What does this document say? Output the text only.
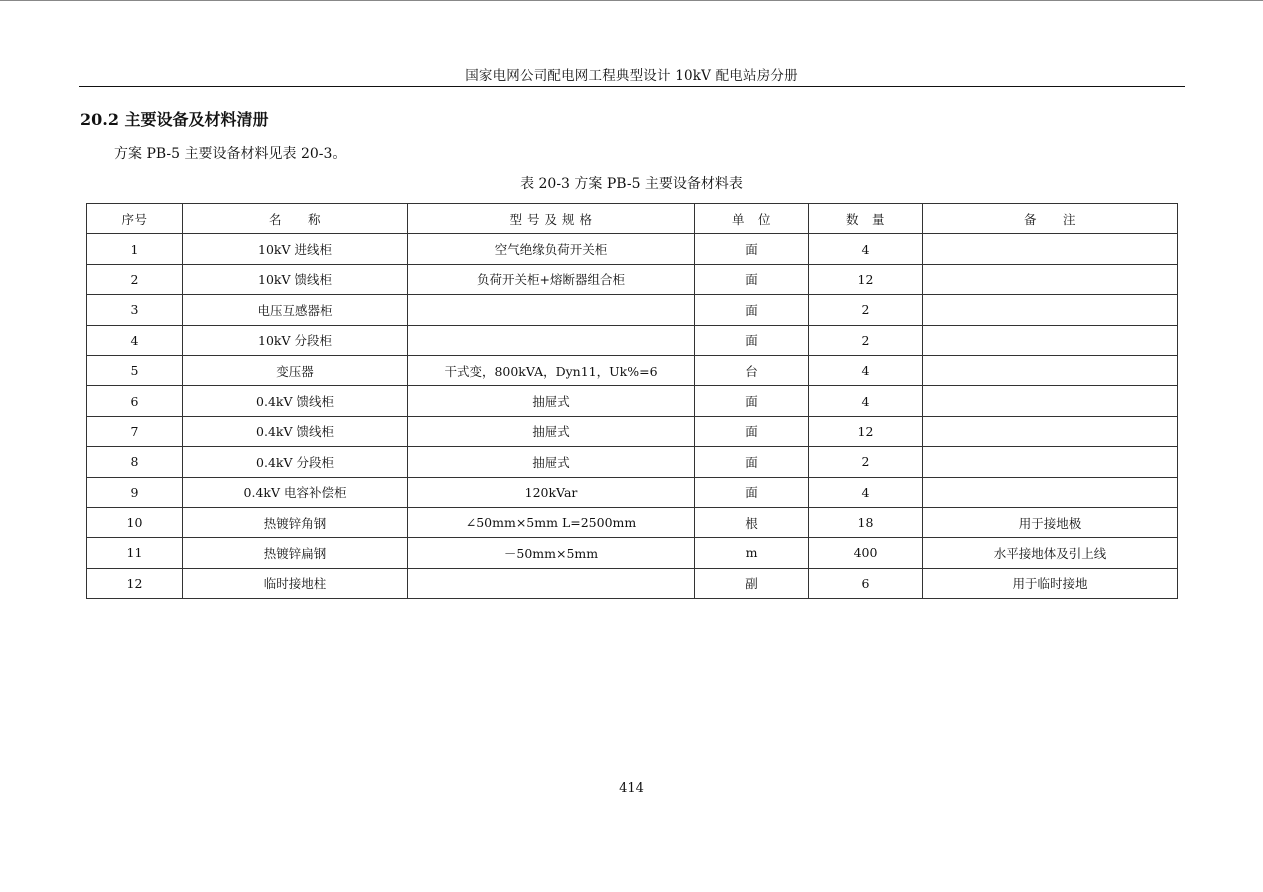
国家电网公司配电网工程典型设计 10kV 配电站房分册
20.2 主要设备及材料清册
方案 PB-5 主要设备材料见表 20-3。
表 20-3 方案 PB-5 主要设备材料表
序号	名　　称	型 号 及 规 格	单　位	数　量	备　　注
1	10kV 进线柜	空气绝缘负荷开关柜	面	4	
2	10kV 馈线柜	负荷开关柜+熔断器组合柜	面	12	
3	电压互感器柜		面	2	
4	10kV 分段柜		面	2	
5	变压器	干式变，800kVA，Dyn11，Uk%=6	台	4	
6	0.4kV 馈线柜	抽屉式	面	4	
7	0.4kV 馈线柜	抽屉式	面	12	
8	0.4kV 分段柜	抽屉式	面	2	
9	0.4kV 电容补偿柜	120kVar	面	4	
10	热镀锌角钢	∠50mm×5mm L=2500mm	根	18	用于接地极
11	热镀锌扁钢	－50mm×5mm	m	400	水平接地体及引上线
12	临时接地柱		副	6	用于临时接地
414
